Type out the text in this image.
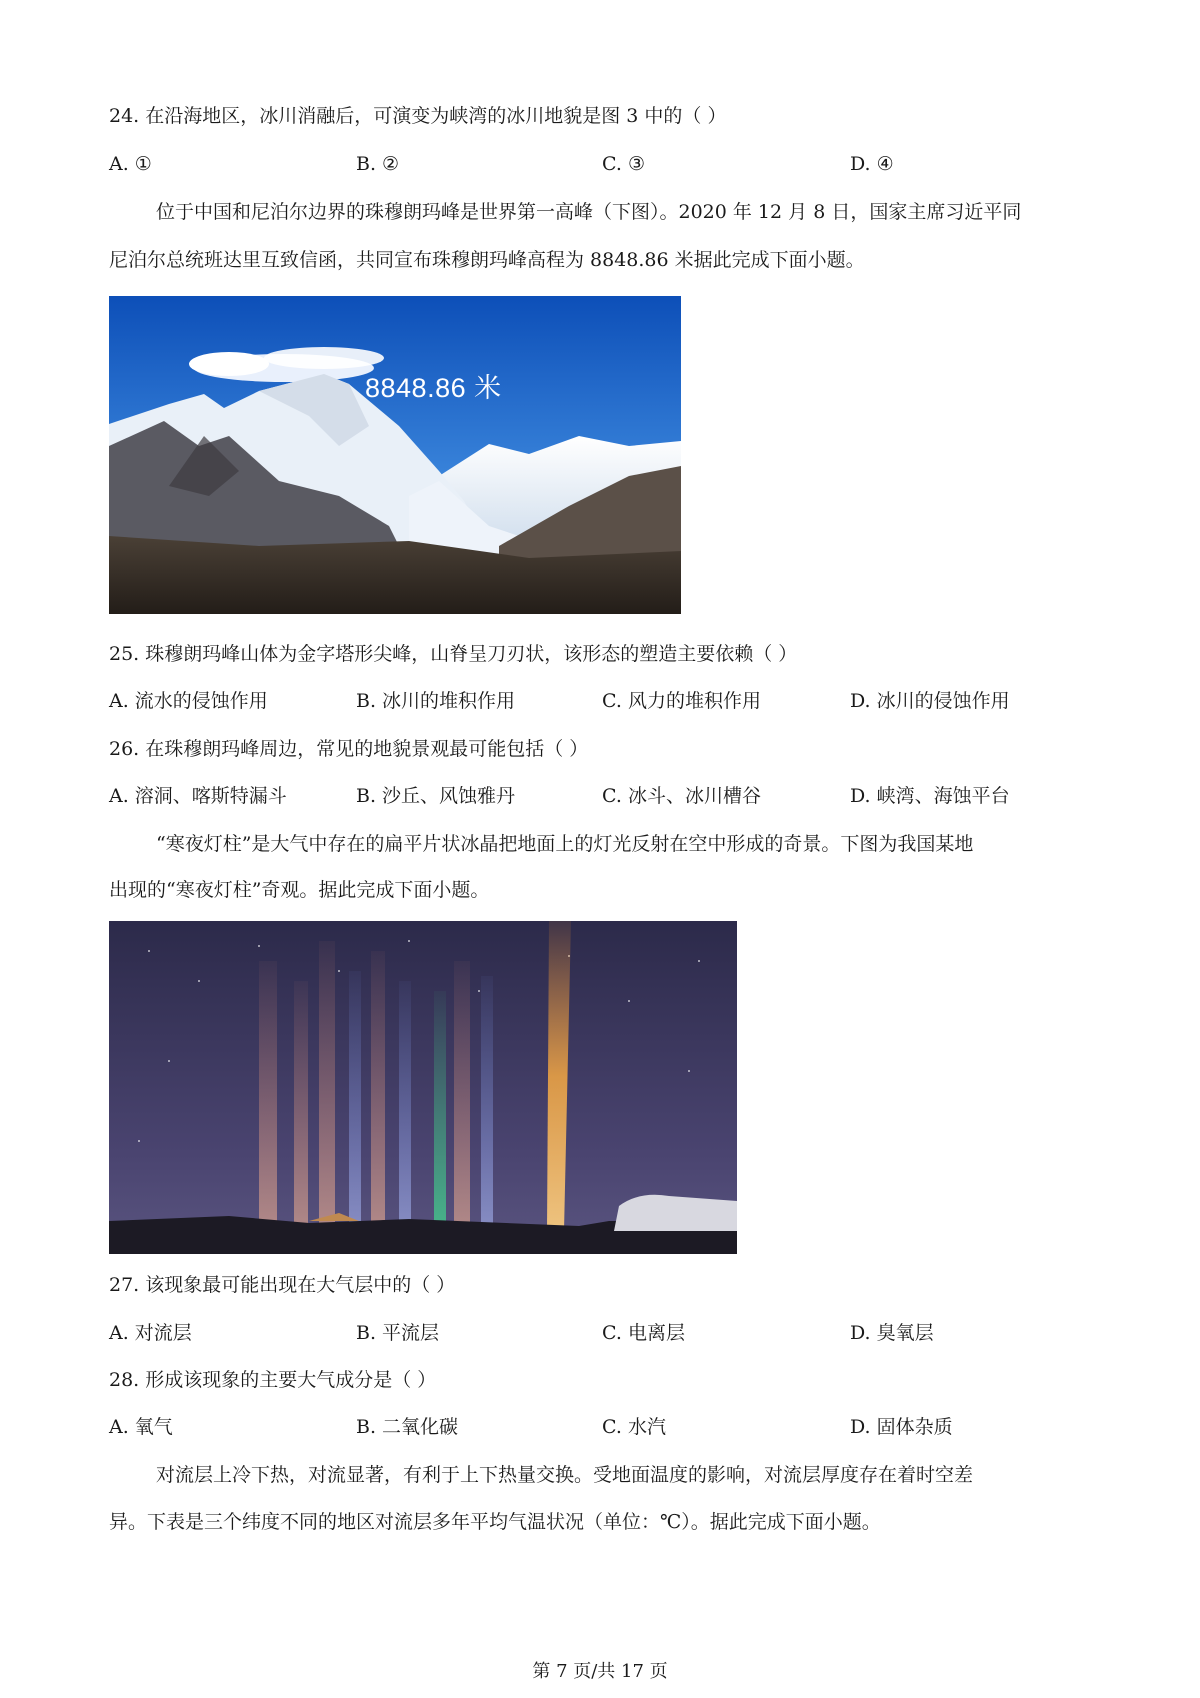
24. 在沿海地区，冰川消融后，可演变为峡湾的冰川地貌是图 3 中的（ ）
A. ①	B. ②	C. ③	D. ④
位于中国和尼泊尔边界的珠穆朗玛峰是世界第一高峰（下图）。2020 年 12 月 8 日，国家主席习近平同
尼泊尔总统班达里互致信函，共同宣布珠穆朗玛峰高程为 8848.86 米据此完成下面小题。
8848.86 米
25. 珠穆朗玛峰山体为金字塔形尖峰，山脊呈刀刃状，该形态的塑造主要依赖（ ）
A. 流水的侵蚀作用	B. 冰川的堆积作用	C. 风力的堆积作用	D. 冰川的侵蚀作用
26. 在珠穆朗玛峰周边，常见的地貌景观最可能包括（ ）
A. 溶洞、喀斯特漏斗	B. 沙丘、风蚀雅丹	C. 冰斗、冰川槽谷	D. 峡湾、海蚀平台
“寒夜灯柱”是大气中存在的扁平片状冰晶把地面上的灯光反射在空中形成的奇景。下图为我国某地
出现的“寒夜灯柱”奇观。据此完成下面小题。
27. 该现象最可能出现在大气层中的（ ）
A. 对流层	B. 平流层	C. 电离层	D. 臭氧层
28. 形成该现象的主要大气成分是（ ）
A. 氧气	B. 二氧化碳	C. 水汽	D. 固体杂质
对流层上冷下热，对流显著，有利于上下热量交换。受地面温度的影响，对流层厚度存在着时空差
异。下表是三个纬度不同的地区对流层多年平均气温状况（单位：℃）。据此完成下面小题。
第 7 页/共 17 页
